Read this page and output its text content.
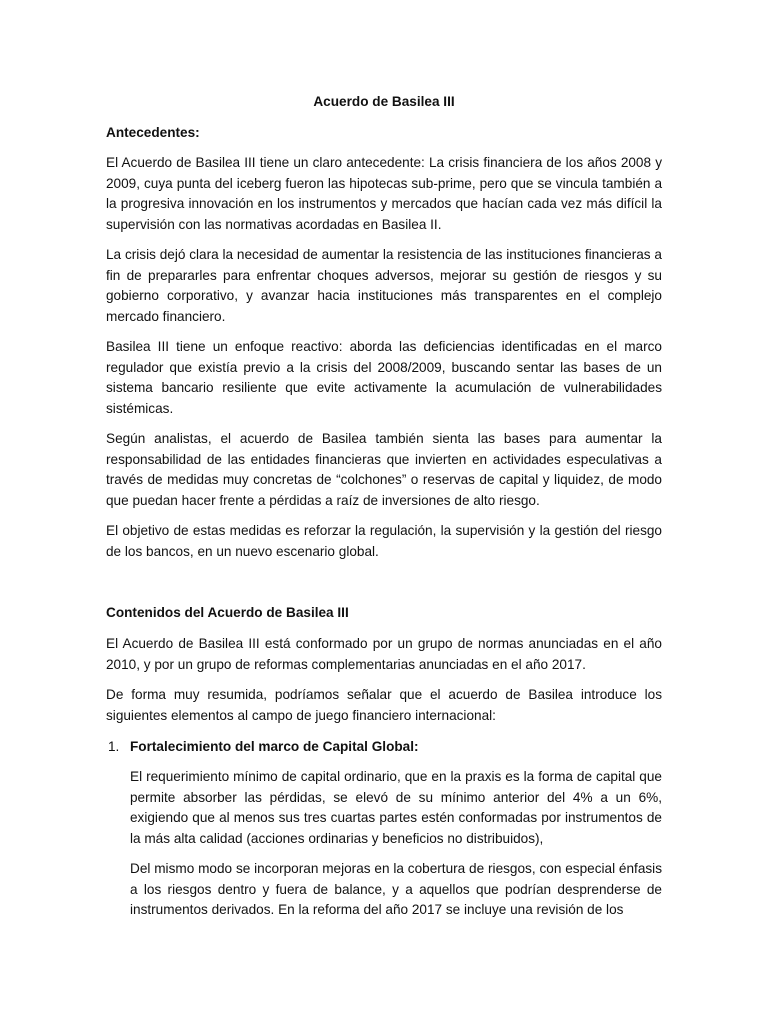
Acuerdo de Basilea III
Antecedentes:

El Acuerdo de Basilea III tiene un claro antecedente: La crisis financiera de los años 2008 y 2009, cuya punta del iceberg fueron las hipotecas sub-prime, pero que se vincula también a la progresiva innovación en los instrumentos y mercados que hacían cada vez más difícil la supervisión con las normativas acordadas en Basilea II.

La crisis dejó clara la necesidad de aumentar la resistencia de las instituciones financieras a fin de prepararles para enfrentar choques adversos, mejorar su gestión de riesgos y su gobierno corporativo, y avanzar hacia instituciones más transparentes en el complejo mercado financiero.

Basilea III tiene un enfoque reactivo: aborda las deficiencias identificadas en el marco regulador que existía previo a la crisis del 2008/2009, buscando sentar las bases de un sistema bancario resiliente que evite activamente la acumulación de vulnerabilidades sistémicas.

Según analistas, el acuerdo de Basilea también sienta las bases para aumentar la responsabilidad de las entidades financieras que invierten en actividades especulativas a través de medidas muy concretas de “colchones” o reservas de capital y liquidez, de modo que puedan hacer frente a pérdidas a raíz de inversiones de alto riesgo.

El objetivo de estas medidas es reforzar la regulación, la supervisión y la gestión del riesgo de los bancos, en un nuevo escenario global.

Contenidos del Acuerdo de Basilea III

El Acuerdo de Basilea III está conformado por un grupo de normas anunciadas en el año 2010, y por un grupo de reformas complementarias anunciadas en el año 2017.

De forma muy resumida, podríamos señalar que el acuerdo de Basilea introduce los siguientes elementos al campo de juego financiero internacional:

1. Fortalecimiento del marco de Capital Global:

El requerimiento mínimo de capital ordinario, que en la praxis es la forma de capital que permite absorber las pérdidas, se elevó de su mínimo anterior del 4% a un 6%, exigiendo que al menos sus tres cuartas partes estén conformadas por instrumentos de la más alta calidad (acciones ordinarias y beneficios no distribuidos),

Del mismo modo se incorporan mejoras en la cobertura de riesgos, con especial énfasis a los riesgos dentro y fuera de balance, y a aquellos que podrían desprenderse de instrumentos derivados. En la reforma del año 2017 se incluye una revisión de los
